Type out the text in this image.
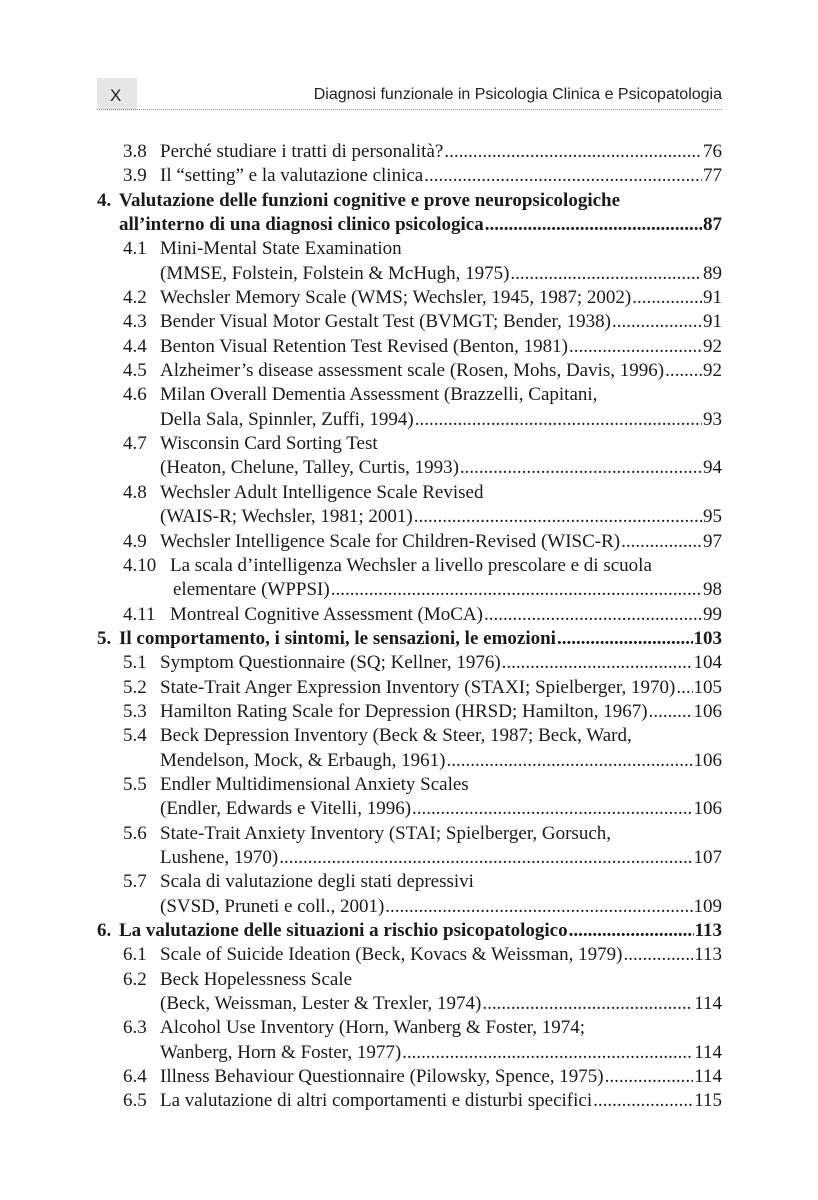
X	Diagnosi funzionale in Psicologia Clinica e Psicopatologia
3.8 Perché studiare i tratti di personalità? .....	76
3.9 Il “setting” e la valutazione clinica .....	77
4. Valutazione delle funzioni cognitive e prove neuropsicologiche
all’interno di una diagnosi clinico psicologica .....	87
4.1 Mini-Mental State Examination
(MMSE, Folstein, Folstein & McHugh, 1975) .....	89
4.2 Wechsler Memory Scale (WMS; Wechsler, 1945, 1987; 2002) .....	91
4.3 Bender Visual Motor Gestalt Test (BVMGT; Bender, 1938) .....	91
4.4 Benton Visual Retention Test Revised (Benton, 1981) .....	92
4.5 Alzheimer’s disease assessment scale (Rosen, Mohs, Davis, 1996) ..... 92
4.6 Milan Overall Dementia Assessment (Brazzelli, Capitani,
Della Sala, Spinnler, Zuffi, 1994) .....	93
4.7 Wisconsin Card Sorting Test
(Heaton, Chelune, Talley, Curtis, 1993) .....	94
4.8 Wechsler Adult Intelligence Scale Revised
(WAIS-R; Wechsler, 1981; 2001) .....	95
4.9 Wechsler Intelligence Scale for Children-Revised (WISC-R) .....	97
4.10 La scala d’intelligenza Wechsler a livello prescolare e di scuola
elementare (WPPSI) .....	98
4.11 Montreal Cognitive Assessment (MoCA) .....	99
5. Il comportamento, i sintomi, le sensazioni, le emozioni .....	103
5.1 Symptom Questionnaire (SQ; Kellner, 1976) .....	104
5.2 State-Trait Anger Expression Inventory (STAXI; Spielberger, 1970) ..... 105
5.3 Hamilton Rating Scale for Depression (HRSD; Hamilton, 1967) ..... 106
5.4 Beck Depression Inventory (Beck & Steer, 1987; Beck, Ward,
Mendelson, Mock, & Erbaugh, 1961) .....	106
5.5 Endler Multidimensional Anxiety Scales
(Endler, Edwards e Vitelli, 1996) .....	106
5.6 State-Trait Anxiety Inventory (STAI; Spielberger, Gorsuch,
Lushene, 1970) .....	107
5.7 Scala di valutazione degli stati depressivi
(SVSD, Pruneti e coll., 2001) .....	109
6. La valutazione delle situazioni a rischio psicopatologico .....	113
6.1 Scale of Suicide Ideation (Beck, Kovacs & Weissman, 1979) .....	113
6.2 Beck Hopelessness Scale
(Beck, Weissman, Lester & Trexler, 1974) .....	114
6.3 Alcohol Use Inventory (Horn, Wanberg & Foster, 1974;
Wanberg, Horn & Foster, 1977) .....	114
6.4 Illness Behaviour Questionnaire (Pilowsky, Spence, 1975) .....	114
6.5 La valutazione di altri comportamenti e disturbi specifici .....	115
